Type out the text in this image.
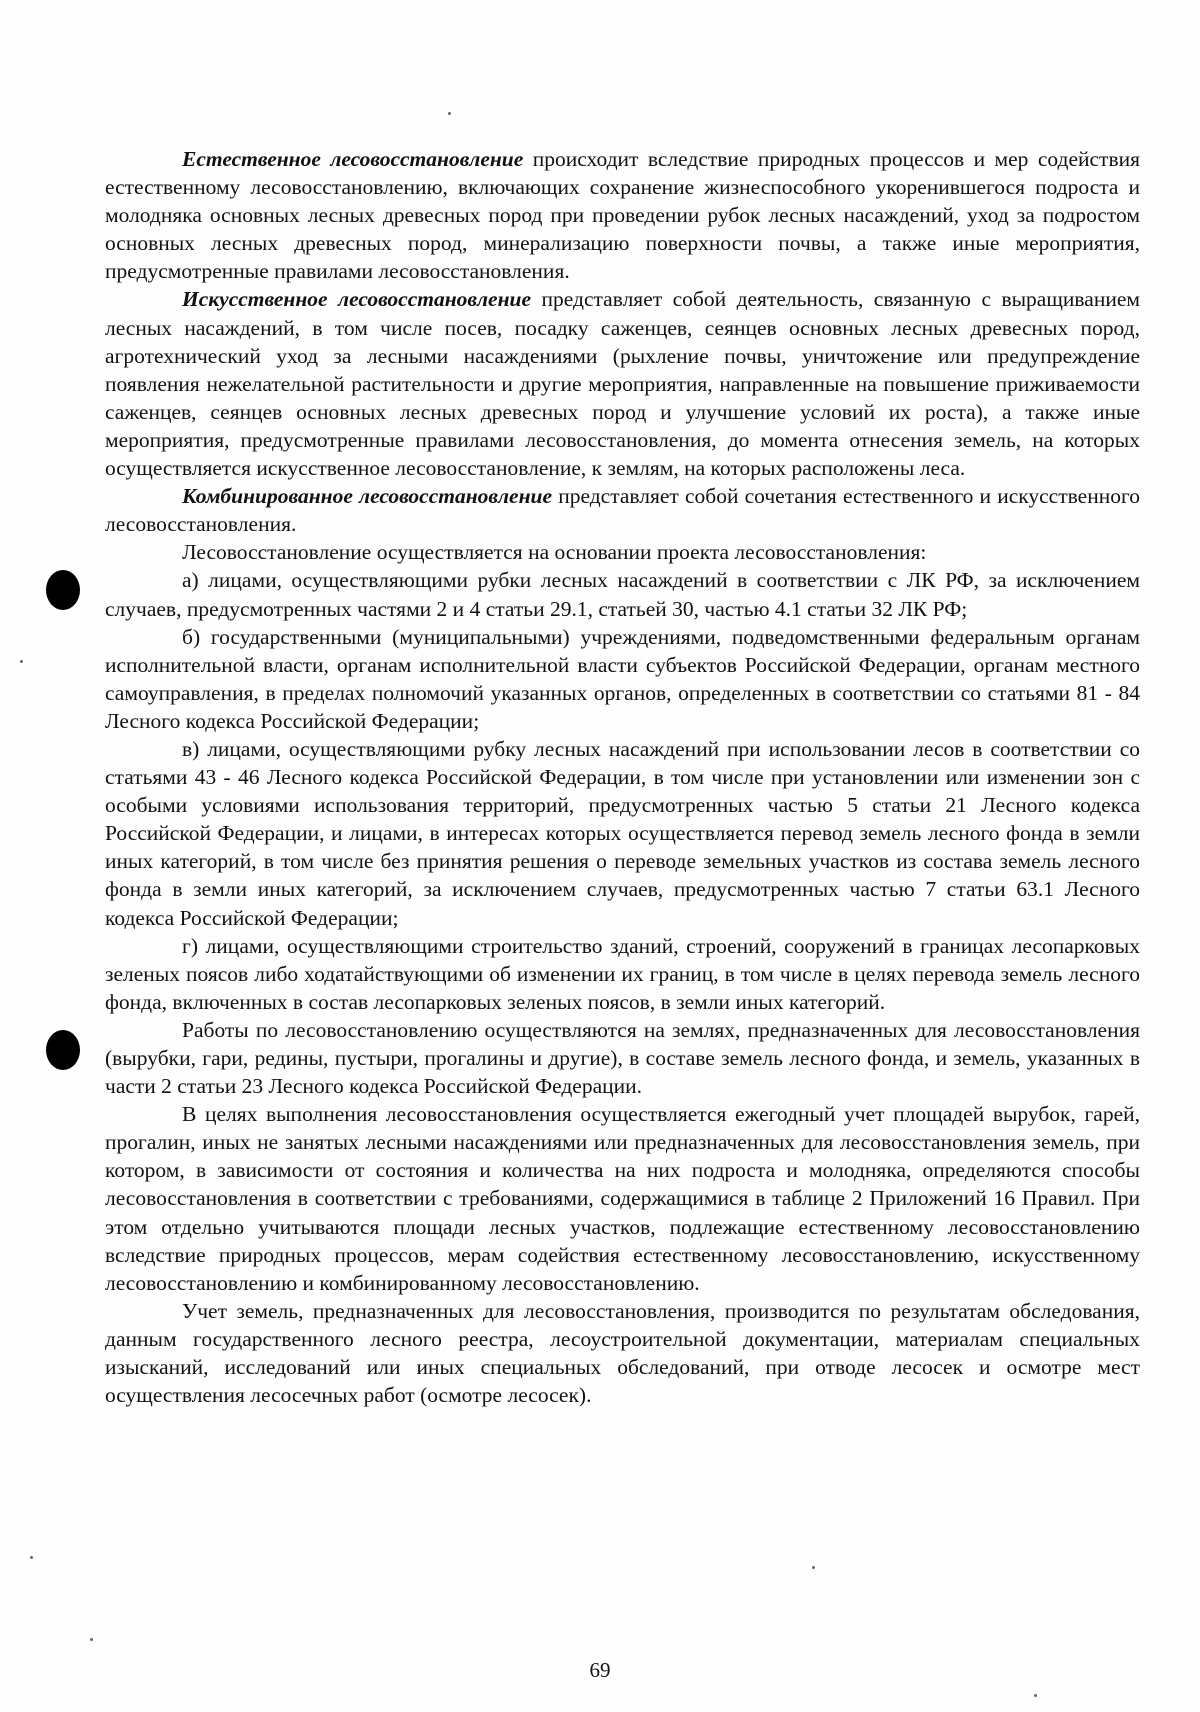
Естественное лесовосстановление происходит вследствие природных процессов и мер содействия естественному лесовосстановлению, включающих сохранение жизнеспособного укоренившегося подроста и молодняка основных лесных древесных пород при проведении рубок лесных насаждений, уход за подростом основных лесных древесных пород, минерализацию поверхности почвы, а также иные мероприятия, предусмотренные правилами лесовосстановления.

Искусственное лесовосстановление представляет собой деятельность, связанную с выращиванием лесных насаждений, в том числе посев, посадку саженцев, сеянцев основных лесных древесных пород, агротехнический уход за лесными насаждениями (рыхление почвы, уничтожение или предупреждение появления нежелательной растительности и другие мероприятия, направленные на повышение приживаемости саженцев, сеянцев основных лесных древесных пород и улучшение условий их роста), а также иные мероприятия, предусмотренные правилами лесовосстановления, до момента отнесения земель, на которых осуществляется искусственное лесовосстановление, к землям, на которых расположены леса.

Комбинированное лесовосстановление представляет собой сочетания естественного и искусственного лесовосстановления.

Лесовосстановление осуществляется на основании проекта лесовосстановления:

а) лицами, осуществляющими рубки лесных насаждений в соответствии с ЛК РФ, за исключением случаев, предусмотренных частями 2 и 4 статьи 29.1, статьей 30, частью 4.1 статьи 32 ЛК РФ;

б) государственными (муниципальными) учреждениями, подведомственными федеральным органам исполнительной власти, органам исполнительной власти субъектов Российской Федерации, органам местного самоуправления, в пределах полномочий указанных органов, определенных в соответствии со статьями 81 - 84 Лесного кодекса Российской Федерации;

в) лицами, осуществляющими рубку лесных насаждений при использовании лесов в соответствии со статьями 43 - 46 Лесного кодекса Российской Федерации, в том числе при установлении или изменении зон с особыми условиями использования территорий, предусмотренных частью 5 статьи 21 Лесного кодекса Российской Федерации, и лицами, в интересах которых осуществляется перевод земель лесного фонда в земли иных категорий, в том числе без принятия решения о переводе земельных участков из состава земель лесного фонда в земли иных категорий, за исключением случаев, предусмотренных частью 7 статьи 63.1 Лесного кодекса Российской Федерации;

г) лицами, осуществляющими строительство зданий, строений, сооружений в границах лесопарковых зеленых поясов либо ходатайствующими об изменении их границ, в том числе в целях перевода земель лесного фонда, включенных в состав лесопарковых зеленых поясов, в земли иных категорий.

Работы по лесовосстановлению осуществляются на землях, предназначенных для лесовосстановления (вырубки, гари, редины, пустыри, прогалины и другие), в составе земель лесного фонда, и земель, указанных в части 2 статьи 23 Лесного кодекса Российской Федерации.

В целях выполнения лесовосстановления осуществляется ежегодный учет площадей вырубок, гарей, прогалин, иных не занятых лесными насаждениями или предназначенных для лесовосстановления земель, при котором, в зависимости от состояния и количества на них подроста и молодняка, определяются способы лесовосстановления в соответствии с требованиями, содержащимися в таблице 2 Приложений 16 Правил. При этом отдельно учитываются площади лесных участков, подлежащие естественному лесовосстановлению вследствие природных процессов, мерам содействия естественному лесовосстановлению, искусственному лесовосстановлению и комбинированному лесовосстановлению.

Учет земель, предназначенных для лесовосстановления, производится по результатам обследования, данным государственного лесного реестра, лесоустроительной документации, материалам специальных изысканий, исследований или иных специальных обследований, при отводе лесосек и осмотре мест осуществления лесосечных работ (осмотре лесосек).

69
